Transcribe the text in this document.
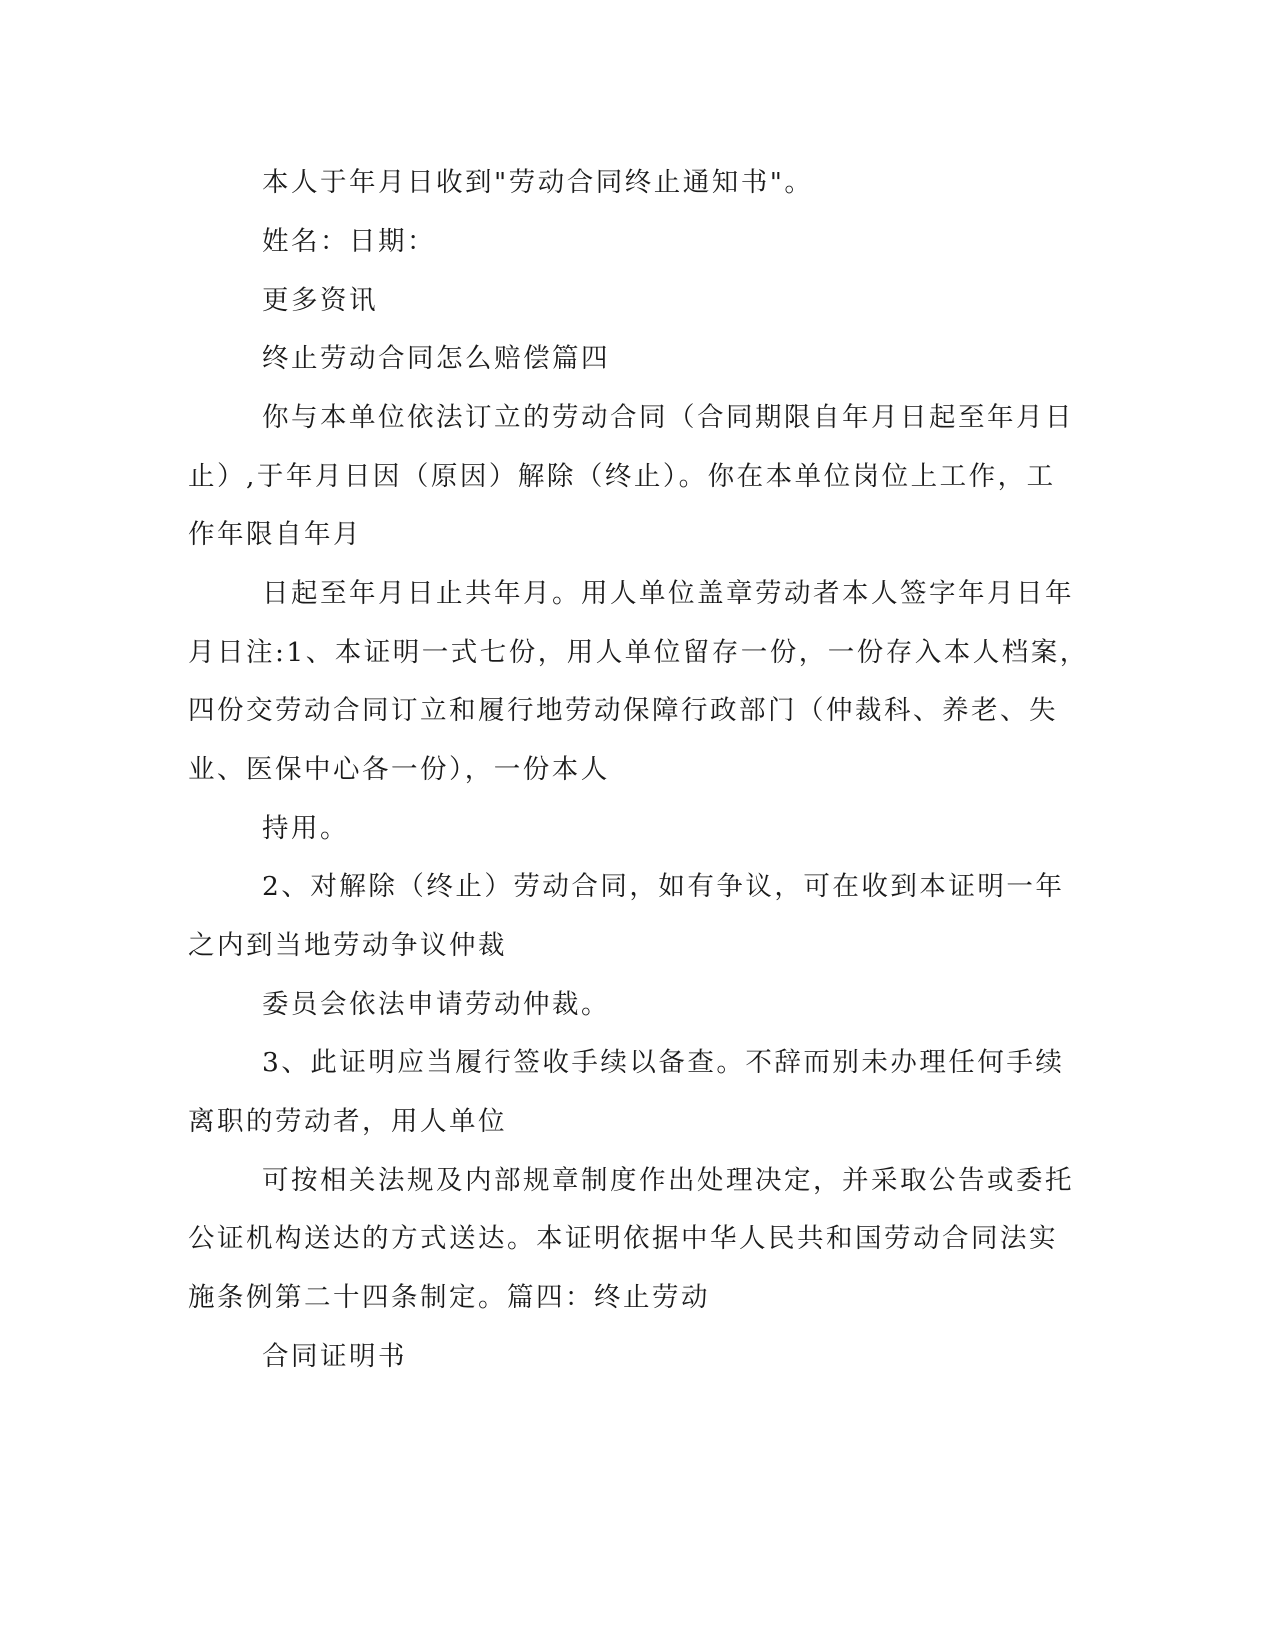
本人于年月日收到"劳动合同终止通知书"。
姓名：日期：
更多资讯
终止劳动合同怎么赔偿篇四
你与本单位依法订立的劳动合同（合同期限自年月日起至年月日
止）,于年月日因（原因）解除（终止）。你在本单位岗位上工作，工
作年限自年月
日起至年月日止共年月。用人单位盖章劳动者本人签字年月日年
月日注:1、本证明一式七份，用人单位留存一份，一份存入本人档案，
四份交劳动合同订立和履行地劳动保障行政部门（仲裁科、养老、失
业、医保中心各一份），一份本人
持用。
2、对解除（终止）劳动合同，如有争议，可在收到本证明一年
之内到当地劳动争议仲裁
委员会依法申请劳动仲裁。
3、此证明应当履行签收手续以备查。不辞而别未办理任何手续
离职的劳动者，用人单位
可按相关法规及内部规章制度作出处理决定，并采取公告或委托
公证机构送达的方式送达。本证明依据中华人民共和国劳动合同法实
施条例第二十四条制定。篇四：终止劳动
合同证明书
